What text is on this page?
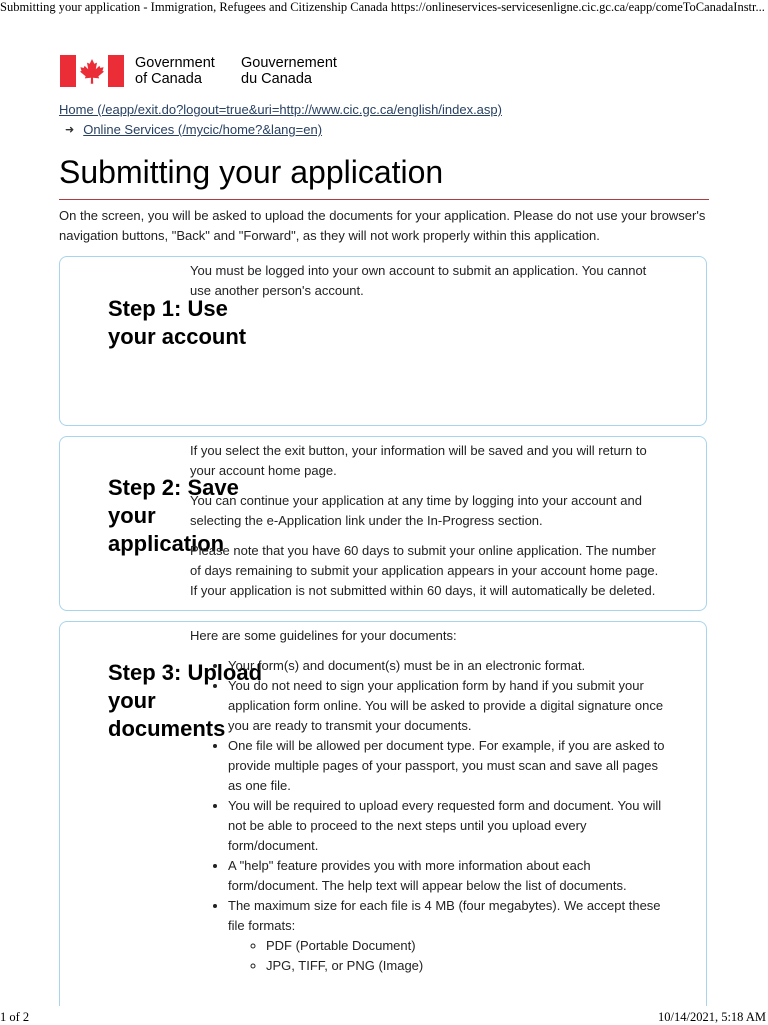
Submitting your application - Immigration, Refugees and Citizenship Canada https://onlineservices-servicesenligne.cic.gc.ca/eapp/comeToCanadaInstr...
Government
of Canada
Gouvernement
du Canada
Home (/eapp/exit.do?logout=true&uri=http://www.cic.gc.ca/english/index.asp)
➜ Online Services (/mycic/home?&lang=en)
Submitting your application

On the screen, you will be asked to upload the documents for your application. Please do not use your browser's navigation buttons, "Back" and "Forward", as they will not work properly within this application.

Step 1: Use your account

You must be logged into your own account to submit an application. You cannot use another person's account.

Step 2: Save your application

If you select the exit button, your information will be saved and you will return to your account home page.

You can continue your application at any time by logging into your account and selecting the e-Application link under the In-Progress section.

Please note that you have 60 days to submit your online application. The number of days remaining to submit your application appears in your account home page. If your application is not submitted within 60 days, it will automatically be deleted.

Step 3: Upload your documents

Here are some guidelines for your documents:

• Your form(s) and document(s) must be in an electronic format.
• You do not need to sign your application form by hand if you submit your application form online. You will be asked to provide a digital signature once you are ready to transmit your documents.
• One file will be allowed per document type. For example, if you are asked to provide multiple pages of your passport, you must scan and save all pages as one file.
• You will be required to upload every requested form and document. You will not be able to proceed to the next steps until you upload every form/document.
• A "help" feature provides you with more information about each form/document. The help text will appear below the list of documents.
• The maximum size for each file is 4 MB (four megabytes). We accept these file formats:
◦ PDF (Portable Document)
◦ JPG, TIFF, or PNG (Image)
1 of 2	10/14/2021, 5:18 AM
